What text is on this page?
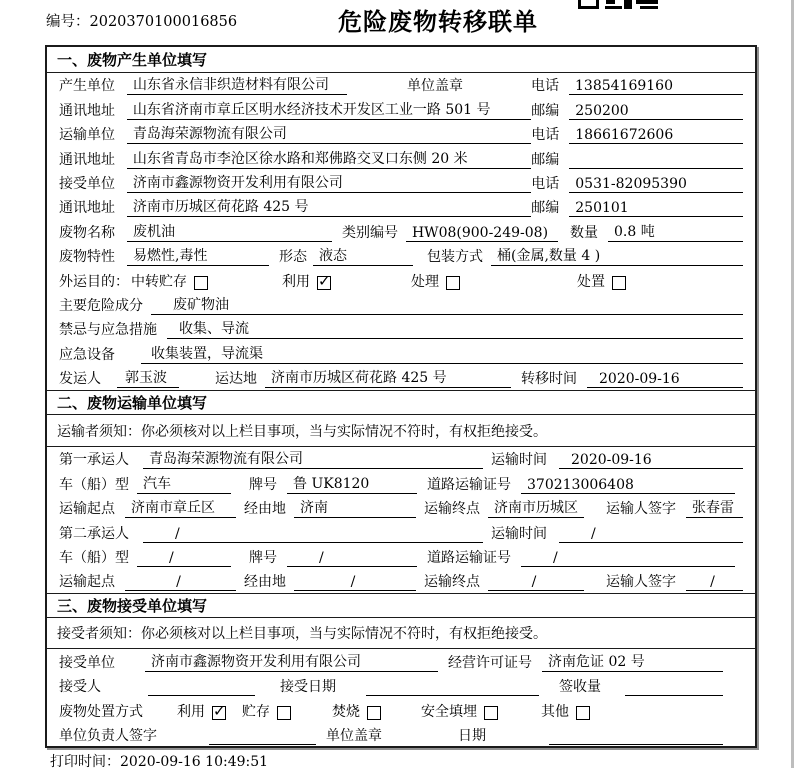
编号：2020370100016856	危险废物转移联单
一、废物产生单位填写
产生单位	山东省永信非织造材料有限公司	单位盖章	电话	13854169160
通讯地址	山东省济南市章丘区明水经济技术开发区工业一路 501 号	邮编	250200
运输单位	青岛海荣源物流有限公司	电话	18661672606
通讯地址	山东省青岛市李沧区徐水路和郑佛路交叉口东侧 20 米	邮编
接受单位	济南市鑫源物资开发利用有限公司	电话	0531-82095390
通讯地址	济南市历城区荷花路 425 号	邮编	250101
废物名称	废机油	类别编号 HW08(900-249-08)	数量	0.8 吨
废物特性	易燃性,毒性	形态 液态	包装方式	桶(金属,数量 4 )
外运目的： 中转贮存	利用 ✓	处理	处置
主要危险成分	废矿物油
禁忌与应急措施	收集、导流
应急设备	收集装置，导流渠
发运人	郭玉波	运达地	济南市历城区荷花路 425 号	转移时间	2020-09-16
二、废物运输单位填写
运输者须知：你必须核对以上栏目事项，当与实际情况不符时，有权拒绝接受。
第一承运人	青岛海荣源物流有限公司	运输时间	2020-09-16
车（船）型	汽车	牌号	鲁 UK8120	道路运输证号	370213006408
运输起点	济南市章丘区	经由地	济南	运输终点	济南市历城区	运输人签字	张春雷
第二承运人	/	运输时间	/
车（船）型	/	牌号	/	道路运输证号	/
运输起点	/	经由地	/	运输终点	/	运输人签字	/
三、废物接受单位填写
接受者须知：你必须核对以上栏目事项，当与实际情况不符时，有权拒绝接受。
接受单位	济南市鑫源物资开发利用有限公司	经营许可证号	济南危证 02 号
接受人	接受日期	签收量
废物处置方式 利用 ✓	贮存	焚烧	安全填埋	其他
单位负责人签字	单位盖章	日期
打印时间：2020-09-16 10:49:51
